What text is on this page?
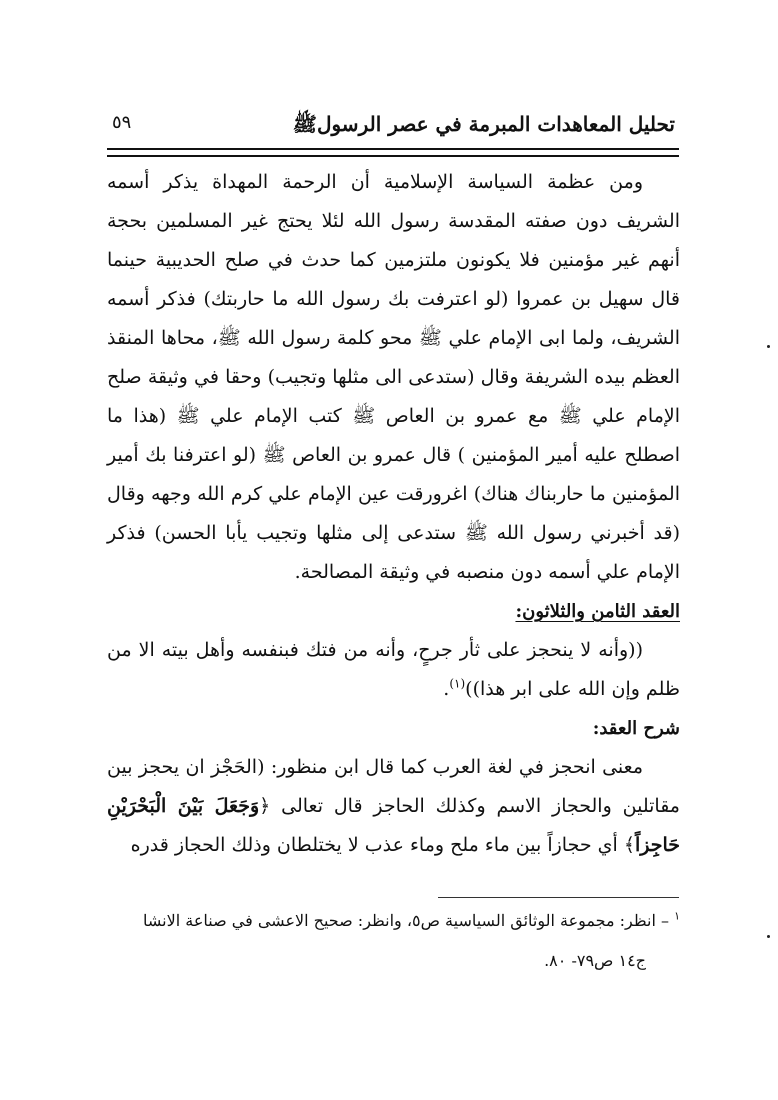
٥٩	تحليل المعاهدات المبرمة في عصر الرسولﷺ

ومن عظمة السياسة الإسلامية أن الرحمة المهداة يذكر أسمه الشريف دون صفته المقدسة رسول الله لئلا يحتج غير المسلمين بحجة أنهم غير مؤمنين فلا يكونون ملتزمين كما حدث في صلح الحديبية حينما قال سهيل بن عمروا (لو اعترفت بك رسول الله ما حاربتك) فذكر أسمه الشريف، ولما ابى الإمام علي ﷺ محو كلمة رسول الله ﷺ، محاها المنقذ العظم بيده الشريفة وقال (ستدعى الى مثلها وتجيب) وحقا في وثيقة صلح الإمام علي ﷺ مع عمرو بن العاص ﷺ كتب الإمام علي ﷺ (هذا ما اصطلح عليه أمير المؤمنين ) قال عمرو بن العاص ﷺ (لو اعترفنا بك أمير المؤمنين ما حاربناك هناك) اغرورقت عين الإمام علي كرم الله وجهه وقال (قد أخبرني رسول الله ﷺ ستدعى إلى مثلها وتجيب يأبا الحسن) فذكر الإمام علي أسمه دون منصبه في وثيقة المصالحة.

العقد الثامن والثلاثون:

((وأنه لا ينحجز على ثأر جرحٍ، وأنه من فتك فبنفسه وأهل بيته الا من ظلم وإن الله على ابر هذا))$^{(١)}$.

شرح العقد:

معنى انحجز في لغة العرب كما قال ابن منظور: (الحَجْز ان يحجز بين مقاتلين والحجاز الاسم وكذلك الحاجز قال تعالى ﴿وَجَعَلَ بَيْنَ الْبَحْرَيْنِ حَاجِزاً﴾ أي حجازاً بين ماء ملح وماء عذب لا يختلطان وذلك الحجاز قدره

$^١$ – انظر: مجموعة الوثائق السياسية ص٥، وانظر: صحيح الاعشى في صناعة الانشا

ج١٤ ص٧٩- ٨٠.
